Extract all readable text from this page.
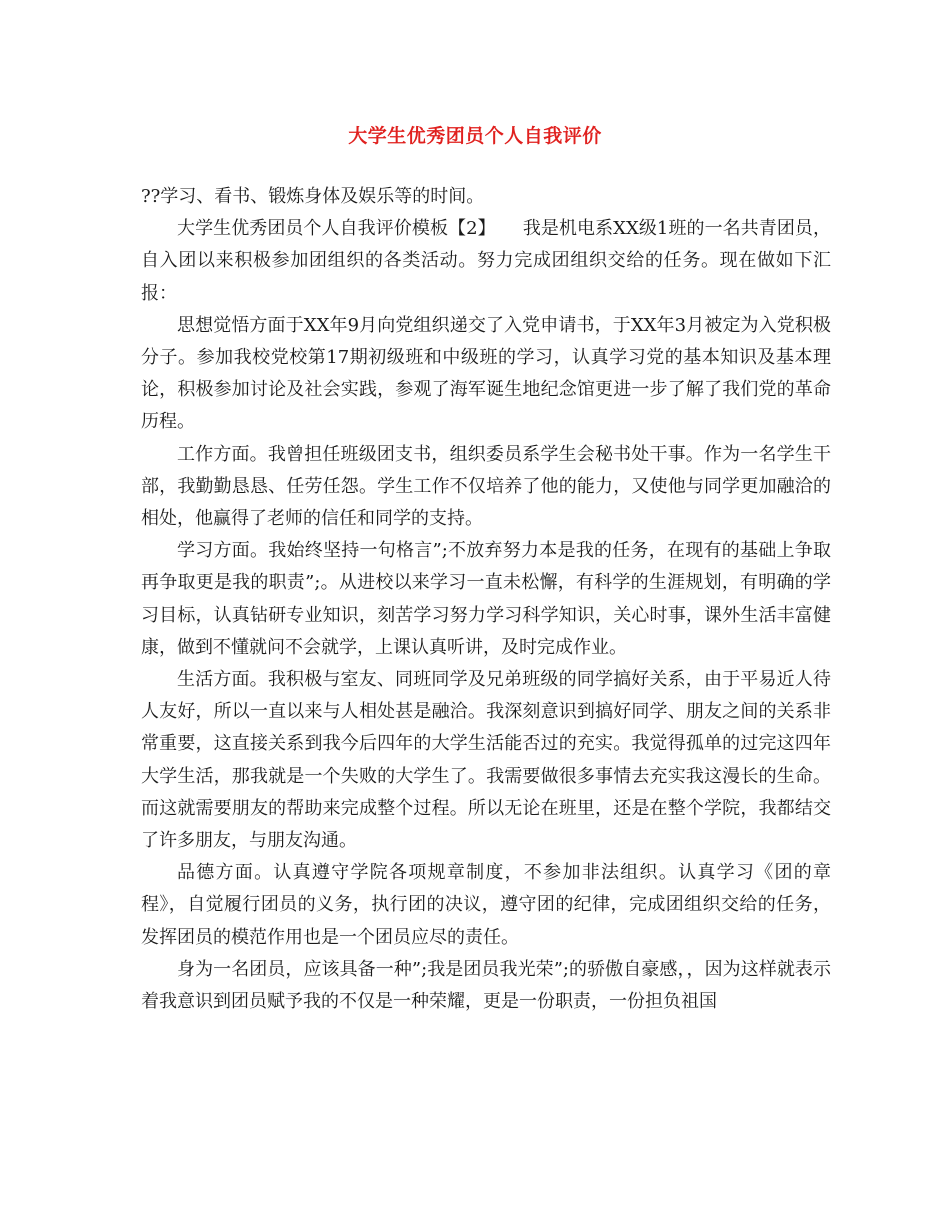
大学生优秀团员个人自我评价

??学习、看书、锻炼身体及娱乐等的时间。

大学生优秀团员个人自我评价模板【2】　　我是机电系XX级1班的一名共青团员，自入团以来积极参加团组织的各类活动。努力完成团组织交给的任务。现在做如下汇报：

思想觉悟方面于XX年9月向党组织递交了入党申请书，于XX年3月被定为入党积极分子。参加我校党校第17期初级班和中级班的学习，认真学习党的基本知识及基本理论，积极参加讨论及社会实践，参观了海军诞生地纪念馆更进一步了解了我们党的革命历程。

工作方面。我曾担任班级团支书，组织委员系学生会秘书处干事。作为一名学生干部，我勤勤恳恳、任劳任怨。学生工作不仅培养了他的能力，又使他与同学更加融洽的相处，他赢得了老师的信任和同学的支持。

学习方面。我始终坚持一句格言”;不放弃努力本是我的任务，在现有的基础上争取再争取更是我的职责”;。从进校以来学习一直未松懈，有科学的生涯规划，有明确的学习目标，认真钻研专业知识，刻苦学习努力学习科学知识，关心时事，课外生活丰富健康，做到不懂就问不会就学，上课认真听讲，及时完成作业。

生活方面。我积极与室友、同班同学及兄弟班级的同学搞好关系，由于平易近人待人友好，所以一直以来与人相处甚是融洽。我深刻意识到搞好同学、朋友之间的关系非常重要，这直接关系到我今后四年的大学生活能否过的充实。我觉得孤单的过完这四年大学生活，那我就是一个失败的大学生了。我需要做很多事情去充实我这漫长的生命。而这就需要朋友的帮助来完成整个过程。所以无论在班里，还是在整个学院，我都结交了许多朋友，与朋友沟通。

品德方面。认真遵守学院各项规章制度，不参加非法组织。认真学习《团的章程》，自觉履行团员的义务，执行团的决议，遵守团的纪律，完成团组织交给的任务，发挥团员的模范作用也是一个团员应尽的责任。

身为一名团员，应该具备一种”;我是团员我光荣”;的骄傲自豪感，，因为这样就表示着我意识到团员赋予我的不仅是一种荣耀，更是一份职责，一份担负祖国
